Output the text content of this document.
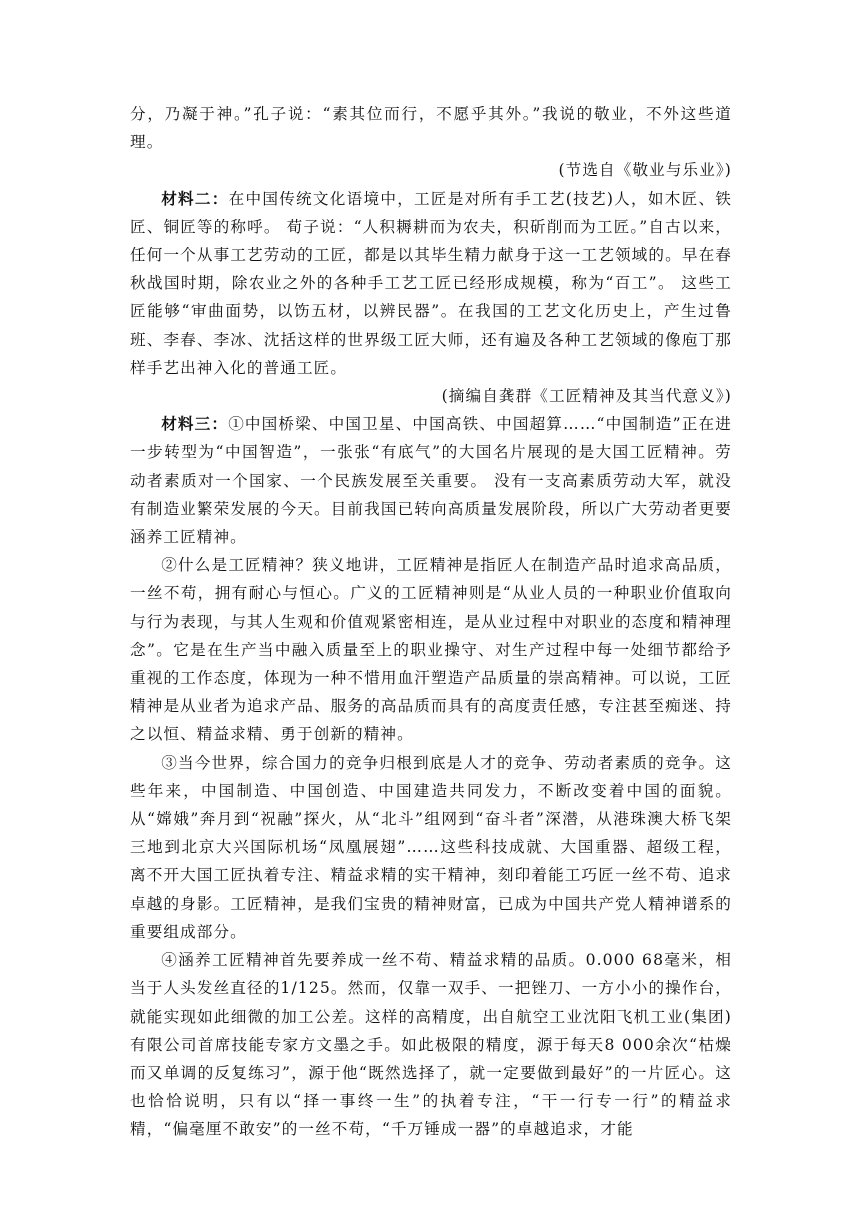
分，乃凝于神。”孔子说：“素其位而行，不愿乎其外。”我说的敬业，不外这些道理。

(节选自《敬业与乐业》)

材料二：在中国传统文化语境中，工匠是对所有手工艺(技艺)人，如木匠、铁匠、铜匠等的称呼。 荀子说：“人积耨耕而为农夫，积斫削而为工匠。”自古以来，任何一个从事工艺劳动的工匠，都是以其毕生精力献身于这一工艺领域的。早在春秋战国时期，除农业之外的各种手工艺工匠已经形成规模，称为“百工”。 这些工匠能够“审曲面势，以饬五材，以辨民器”。在我国的工艺文化历史上，产生过鲁班、李春、李冰、沈括这样的世界级工匠大师，还有遍及各种工艺领域的像庖丁那样手艺出神入化的普通工匠。

(摘编自龚群《工匠精神及其当代意义》)

材料三：①中国桥梁、中国卫星、中国高铁、中国超算……“中国制造”正在进一步转型为“中国智造”，一张张“有底气”的大国名片展现的是大国工匠精神。劳动者素质对一个国家、一个民族发展至关重要。 没有一支高素质劳动大军，就没有制造业繁荣发展的今天。目前我国已转向高质量发展阶段，所以广大劳动者更要涵养工匠精神。

②什么是工匠精神？狭义地讲，工匠精神是指匠人在制造产品时追求高品质，一丝不苟，拥有耐心与恒心。广义的工匠精神则是“从业人员的一种职业价值取向与行为表现，与其人生观和价值观紧密相连，是从业过程中对职业的态度和精神理念”。它是在生产当中融入质量至上的职业操守、对生产过程中每一处细节都给予重视的工作态度，体现为一种不惜用血汗塑造产品质量的崇高精神。可以说，工匠精神是从业者为追求产品、服务的高品质而具有的高度责任感，专注甚至痴迷、持之以恒、精益求精、勇于创新的精神。

③当今世界，综合国力的竞争归根到底是人才的竞争、劳动者素质的竞争。这些年来，中国制造、中国创造、中国建造共同发力，不断改变着中国的面貌。从“嫦娥”奔月到“祝融”探火，从“北斗”组网到“奋斗者”深潜，从港珠澳大桥飞架三地到北京大兴国际机场“凤凰展翅”……这些科技成就、大国重器、超级工程，离不开大国工匠执着专注、精益求精的实干精神，刻印着能工巧匠一丝不苟、追求卓越的身影。工匠精神，是我们宝贵的精神财富，已成为中国共产党人精神谱系的重要组成部分。

④涵养工匠精神首先要养成一丝不苟、精益求精的品质。0.000 68毫米，相当于人头发丝直径的1/125。然而，仅靠一双手、一把锉刀、一方小小的操作台，就能实现如此细微的加工公差。这样的高精度，出自航空工业沈阳飞机工业(集团)有限公司首席技能专家方文墨之手。如此极限的精度，源于每天8 000余次“枯燥而又单调的反复练习”，源于他“既然选择了，就一定要做到最好”的一片匠心。这也恰恰说明，只有以“择一事终一生”的执着专注，“干一行专一行”的精益求精，“偏毫厘不敢安”的一丝不苟，“千万锤成一器”的卓越追求，才能
